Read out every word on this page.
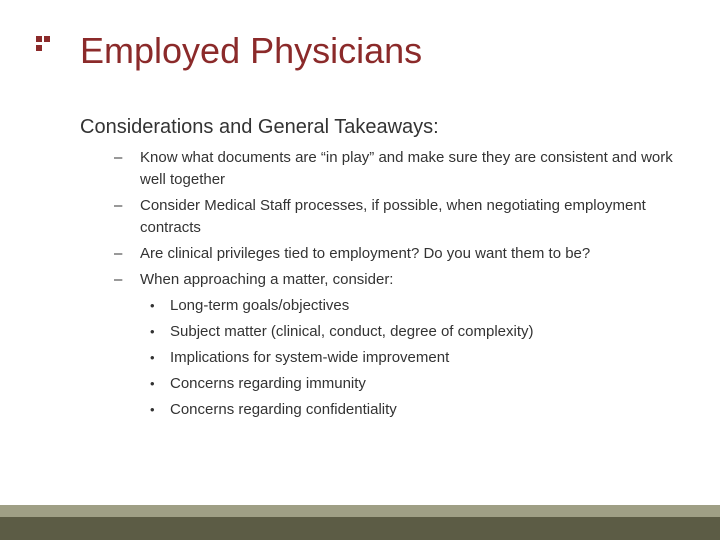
Employed Physicians
Considerations and General Takeaways:
– Know what documents are “in play” and make sure they are consistent and work well together
– Consider Medical Staff processes, if possible, when negotiating employment contracts
– Are clinical privileges tied to employment? Do you want them to be?
– When approaching a matter, consider:
• Long-term goals/objectives
• Subject matter (clinical, conduct, degree of complexity)
• Implications for system-wide improvement
• Concerns regarding immunity
• Concerns regarding confidentiality
